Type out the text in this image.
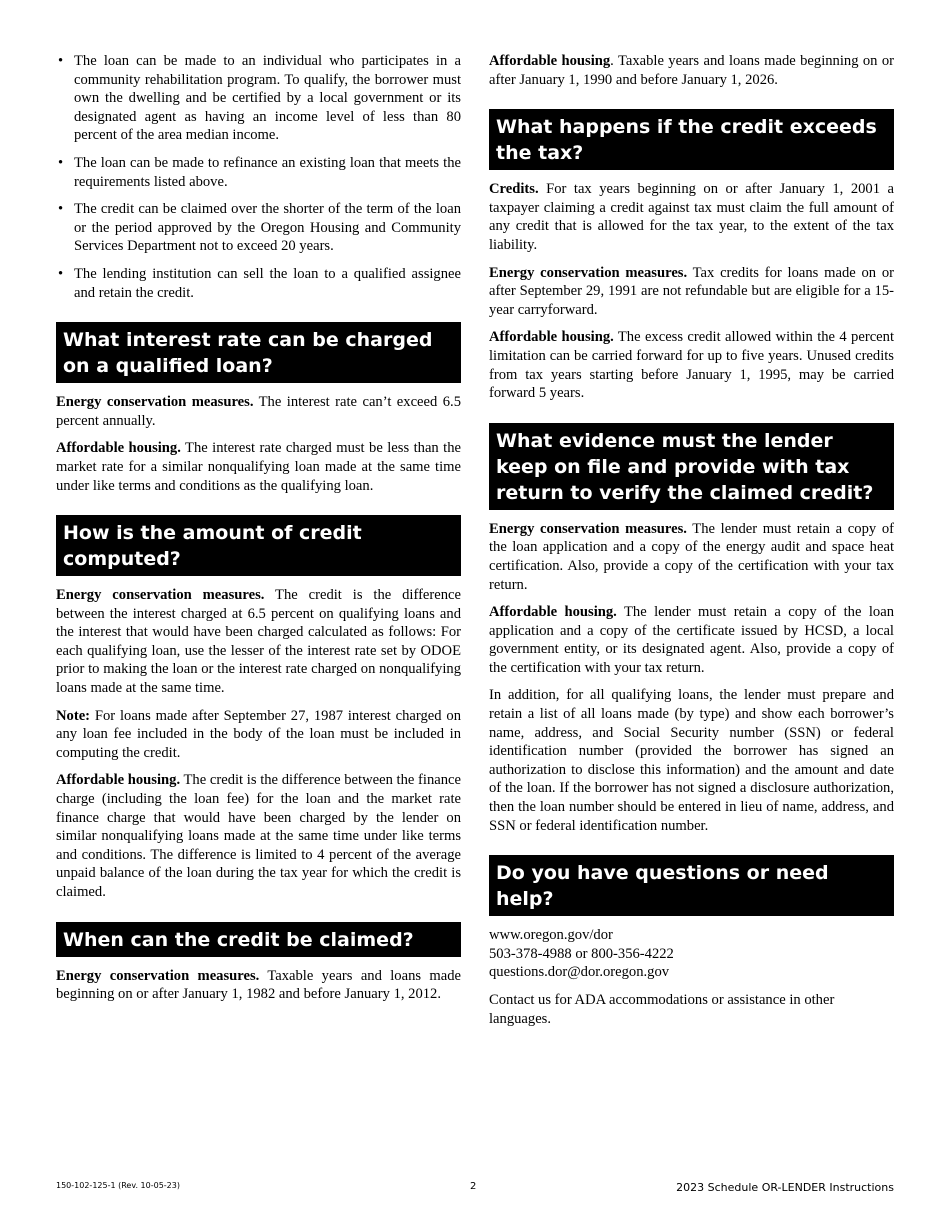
• The loan can be made to an individual who participates in a community rehabilitation program. To qualify, the borrower must own the dwelling and be certified by a local government or its designated agent as having an income level of less than 80 percent of the area median income.
• The loan can be made to refinance an existing loan that meets the requirements listed above.
• The credit can be claimed over the shorter of the term of the loan or the period approved by the Oregon Housing and Community Services Department not to exceed 20 years.
• The lending institution can sell the loan to a qualified assignee and retain the credit.
What interest rate can be charged
on a qualified loan?

Energy conservation measures. The interest rate can’t exceed 6.5 percent annually.

Affordable housing. The interest rate charged must be less than the market rate for a similar nonqualifying loan made at the same time under like terms and conditions as the qualifying loan.

How is the amount of credit computed?

Energy conservation measures. The credit is the difference between the interest charged at 6.5 percent on qualifying loans and the interest that would have been charged calculated as follows: For each qualifying loan, use the lesser of the interest rate set by ODOE prior to making the loan or the interest rate charged on nonqualifying loans made at the same time.

Note: For loans made after September 27, 1987 interest charged on any loan fee included in the body of the loan must be included in computing the credit.

Affordable housing. The credit is the difference between the finance charge (including the loan fee) for the loan and the market rate finance charge that would have been charged by the lender on similar nonqualifying loans made at the same time under like terms and conditions. The difference is limited to 4 percent of the average unpaid balance of the loan during the tax year for which the credit is claimed.

When can the credit be claimed?

Energy conservation measures. Taxable years and loans made beginning on or after January 1, 1982 and before January 1, 2012.

Affordable housing. Taxable years and loans made beginning on or after January 1, 1990 and before January 1, 2026.

What happens if the credit exceeds the tax?

Credits. For tax years beginning on or after January 1, 2001 a taxpayer claiming a credit against tax must claim the full amount of any credit that is allowed for the tax year, to the extent of the tax liability.

Energy conservation measures. Tax credits for loans made on or after September 29, 1991 are not refundable but are eligible for a 15-year carryforward.

Affordable housing. The excess credit allowed within the 4 percent limitation can be carried forward for up to five years. Unused credits from tax years starting before January 1, 1995, may be carried forward 5 years.

What evidence must the lender keep on file and provide with tax return to verify the claimed credit?

Energy conservation measures. The lender must retain a copy of the loan application and a copy of the energy audit and space heat certification. Also, provide a copy of the certification with your tax return.

Affordable housing. The lender must retain a copy of the loan application and a copy of the certificate issued by HCSD, a local government entity, or its designated agent. Also, provide a copy of the certification with your tax return.

In addition, for all qualifying loans, the lender must prepare and retain a list of all loans made (by type) and show each borrower’s name, address, and Social Security number (SSN) or federal identification number (provided the borrower has signed an authorization to disclose this information) and the amount and date of the loan. If the borrower has not signed a disclosure authorization, then the loan number should be entered in lieu of name, address, and SSN or federal identification number.

Do you have questions or need help?

www.oregon.gov/dor

503-378-4988 or 800-356-4222

questions.dor@dor.oregon.gov

Contact us for ADA accommodations or assistance in other languages.

150-102-125-1 (Rev. 10-05-23)	2	2023 Schedule OR-LENDER Instructions
